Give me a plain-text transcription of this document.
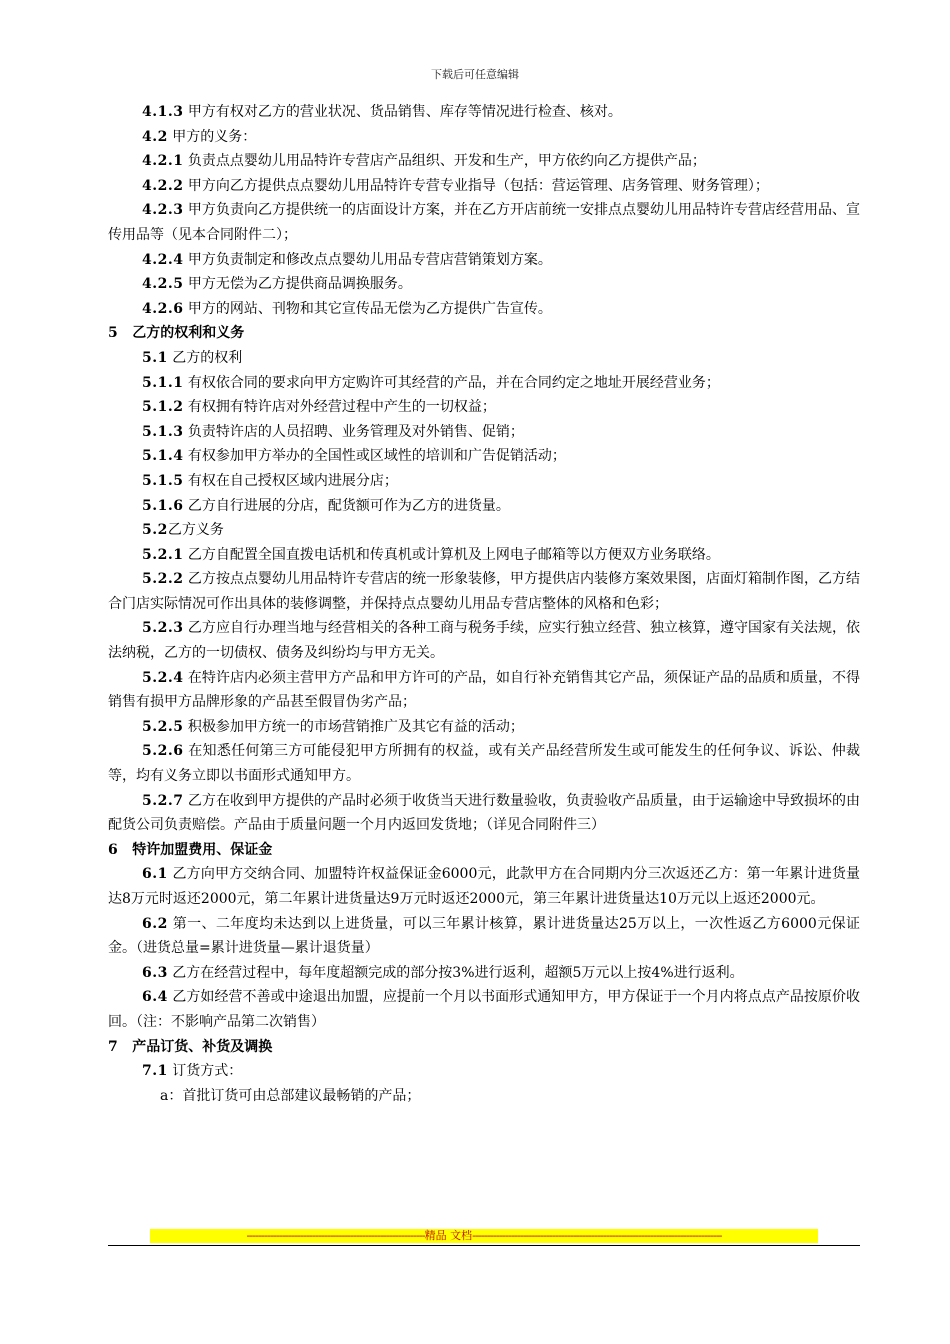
下载后可任意编辑

4.1.3 甲方有权对乙方的营业状况、货品销售、库存等情况进行检查、核对。

4.2 甲方的义务：

4.2.1 负责点点婴幼儿用品特许专营店产品组织、开发和生产，甲方依约向乙方提供产品；

4.2.2 甲方向乙方提供点点婴幼儿用品特许专营专业指导（包括：营运管理、店务管理、财务管理）；

4.2.3 甲方负责向乙方提供统一的店面设计方案，并在乙方开店前统一安排点点婴幼儿用品特许专营店经营用品、宣传用品等（见本合同附件二）；

4.2.4 甲方负责制定和修改点点婴幼儿用品专营店营销策划方案。

4.2.5 甲方无偿为乙方提供商品调换服务。

4.2.6 甲方的网站、刊物和其它宣传品无偿为乙方提供广告宣传。

5　乙方的权利和义务

5.1 乙方的权利

5.1.1 有权依合同的要求向甲方定购许可其经营的产品，并在合同约定之地址开展经营业务；

5.1.2 有权拥有特许店对外经营过程中产生的一切权益；

5.1.3 负责特许店的人员招聘、业务管理及对外销售、促销；

5.1.4 有权参加甲方举办的全国性或区域性的培训和广告促销活动；

5.1.5 有权在自己授权区域内进展分店；

5.1.6 乙方自行进展的分店，配货额可作为乙方的进货量。

5.2乙方义务

5.2.1 乙方自配置全国直拨电话机和传真机或计算机及上网电子邮箱等以方便双方业务联络。

5.2.2 乙方按点点婴幼儿用品特许专营店的统一形象装修，甲方提供店内装修方案效果图，店面灯箱制作图，乙方结合门店实际情况可作出具体的装修调整，并保持点点婴幼儿用品专营店整体的风格和色彩；

5.2.3 乙方应自行办理当地与经营相关的各种工商与税务手续，应实行独立经营、独立核算，遵守国家有关法规，依法纳税，乙方的一切债权、债务及纠纷均与甲方无关。

5.2.4 在特许店内必须主营甲方产品和甲方许可的产品，如自行补充销售其它产品，须保证产品的品质和质量，不得销售有损甲方品牌形象的产品甚至假冒伪劣产品；

5.2.5 积极参加甲方统一的市场营销推广及其它有益的活动；

5.2.6 在知悉任何第三方可能侵犯甲方所拥有的权益，或有关产品经营所发生或可能发生的任何争议、诉讼、仲裁等，均有义务立即以书面形式通知甲方。

5.2.7 乙方在收到甲方提供的产品时必须于收货当天进行数量验收，负责验收产品质量，由于运输途中导致损坏的由配货公司负责赔偿。产品由于质量问题一个月内返回发货地；（详见合同附件三）

6　特许加盟费用、保证金

6.1 乙方向甲方交纳合同、加盟特许权益保证金6000元，此款甲方在合同期内分三次返还乙方：第一年累计进货量达8万元时返还2000元，第二年累计进货量达9万元时返还2000元，第三年累计进货量达10万元以上返还2000元。

6.2 第一、二年度均未达到以上进货量，可以三年累计核算，累计进货量达25万以上，一次性返乙方6000元保证金。（进货总量=累计进货量—累计退货量）

6.3 乙方在经营过程中，每年度超额完成的部分按3%进行返利，超额5万元以上按4%进行返利。

6.4 乙方如经营不善或中途退出加盟，应提前一个月以书面形式通知甲方，甲方保证于一个月内将点点产品按原价收回。（注：不影响产品第二次销售）

7　产品订货、补货及调换

7.1 订货方式：

a：首批订货可由总部建议最畅销的产品；

------------------------------------------------------------精品 文档------------------------------------------------------------------------------------
